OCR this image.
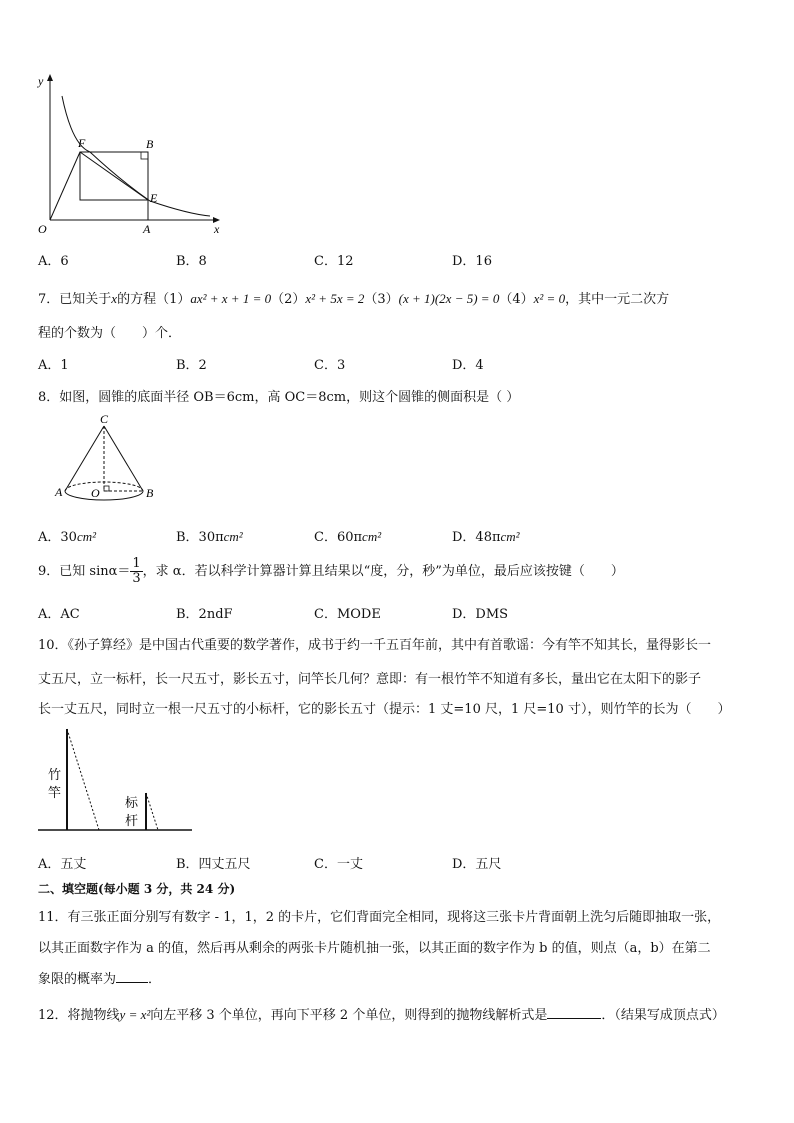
y
x
O	A
B
E
F
A．6	B．8	C．12	D．16
7．已知关于x的方程（1）ax² + x + 1 = 0（2）x² + 5x = 2（3）(x + 1)(2x − 5) = 0（4）x² = 0，其中一元二次方
程的个数为（　　）个．
A．1	B．2	C．3	D．4
8．如图，圆锥的底面半径 OB＝6cm，高 OC＝8cm，则这个圆锥的侧面积是（ ）
C
A O	B
A．30cm²	B．30πcm²	C．60πcm²	D．48πcm²
9．已知 $\sin\alpha= \frac{1}{3}$ ，求 α．若以科学计算器计算且结果以“度，分，秒”为单位，最后应该按键（　　）
A．AC	B．2ndF	C．MODE	D．DMS
10．《孙子算经》是中国古代重要的数学著作，成书于约一千五百年前，其中有首歌谣：今有竿不知其长，量得影长一
丈五尺，立一标杆，长一尺五寸，影长五寸，问竿长几何？意即：有一根竹竿不知道有多长，量出它在太阳下的影子
长一丈五尺，同时立一根一尺五寸的小标杆，它的影长五寸（提示：1 丈=10 尺，1 尺=10 寸），则竹竿的长为（　　）
竹
竿
标
杆
A．五丈	B．四丈五尺	C．一丈	D．五尺
二、填空题(每小题 3 分，共 24 分)
11．有三张正面分别写有数字 - 1，1，2 的卡片，它们背面完全相同，现将这三张卡片背面朝上洗匀后随即抽取一张，
以其正面数字作为 a 的值，然后再从剩余的两张卡片随机抽一张，以其正面的数字作为 b 的值，则点（a，b）在第二
象限的概率为 ．
12．将抛物线y = x²向左平移 3 个单位，再向下平移 2 个单位，则得到的抛物线解析式是	．（结果写成顶点式）
